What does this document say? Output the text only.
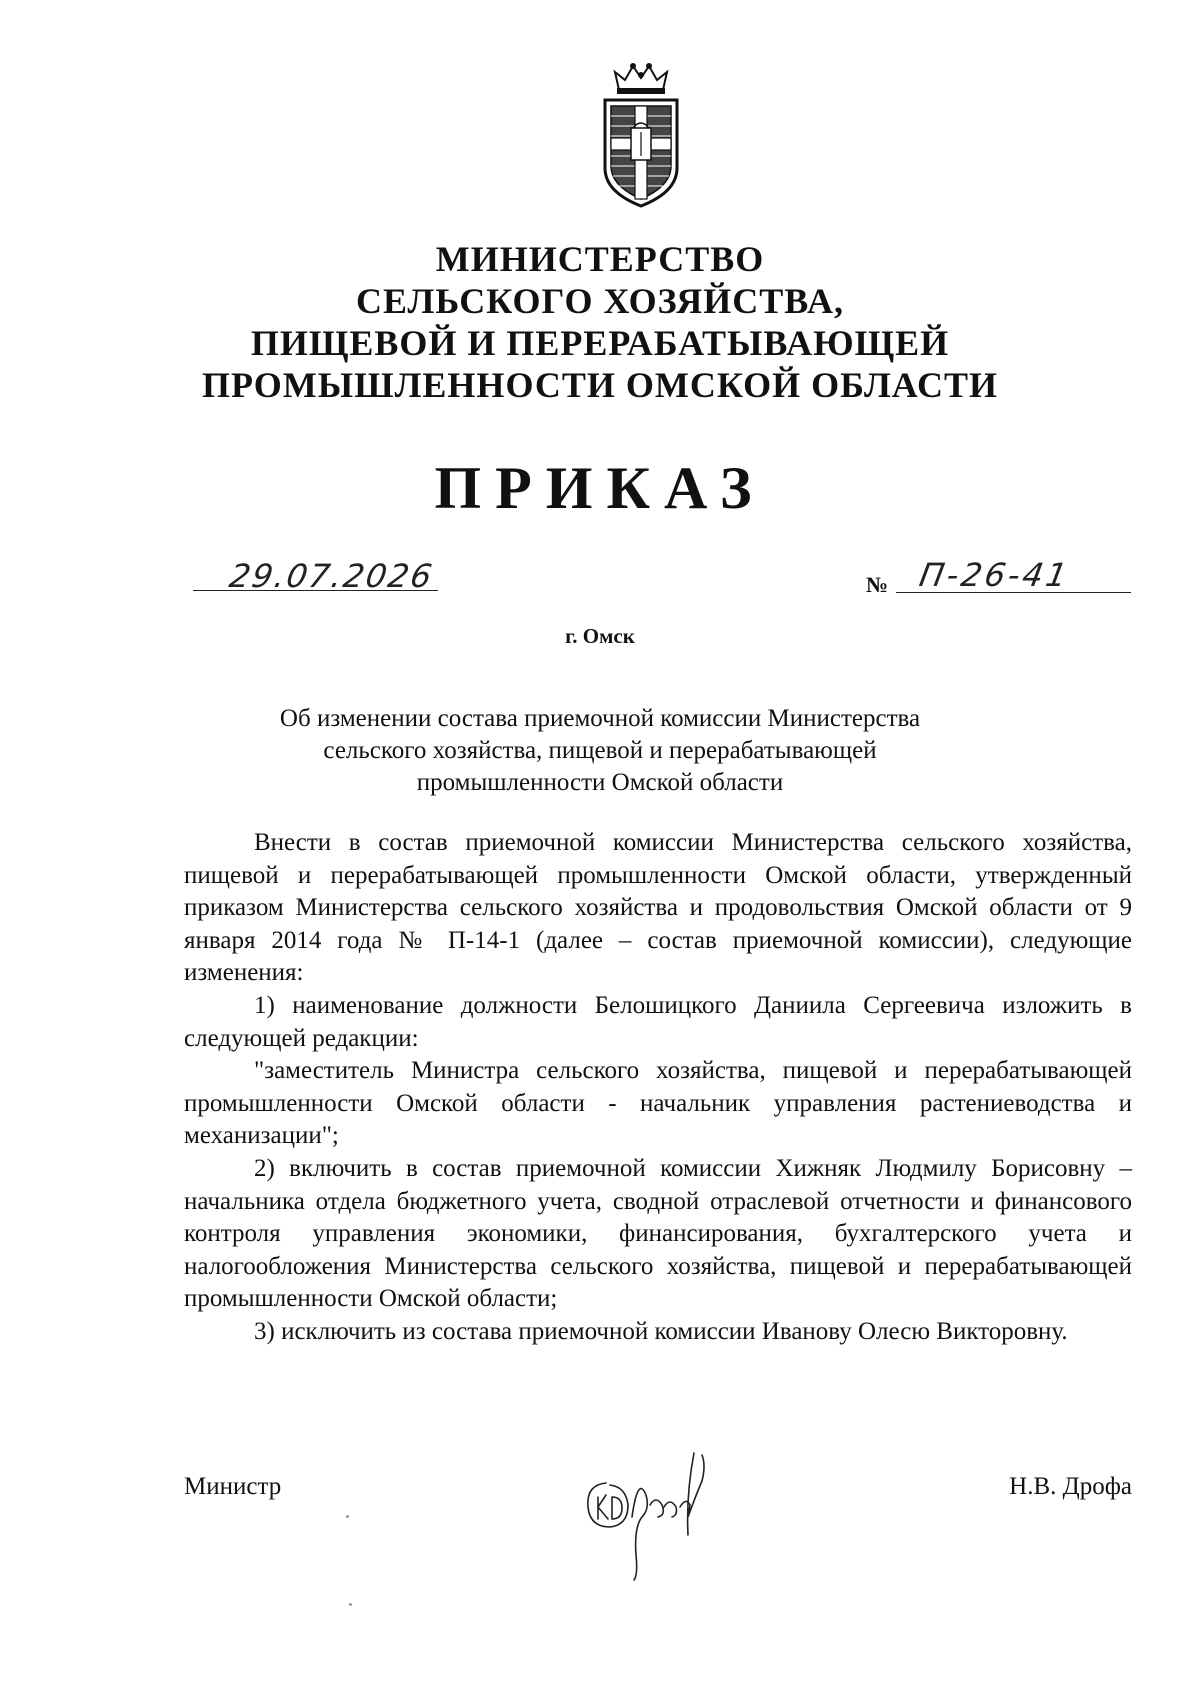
МИНИСТЕРСТВО
СЕЛЬСКОГО ХОЗЯЙСТВА,
ПИЩЕВОЙ И ПЕРЕРАБАТЫВАЮЩЕЙ
ПРОМЫШЛЕННОСТИ ОМСКОЙ ОБЛАСТИ
ПРИКАЗ
29.07.2026	№ П-26-41
г. Омск
Об изменении состава приемочной комиссии Министерства
сельского хозяйства, пищевой и перерабатывающей
промышленности Омской области

Внести в состав приемочной комиссии Министерства сельского хозяйства, пищевой и перерабатывающей промышленности Омской области, утвержденный приказом Министерства сельского хозяйства и продовольствия Омской области от 9 января 2014 года № П-14-1 (далее – состав приемочной комиссии), следующие изменения:

1) наименование должности Белошицкого Даниила Сергеевича изложить в следующей редакции:

"заместитель Министра сельского хозяйства, пищевой и перерабатывающей промышленности Омской области - начальник управления растениеводства и механизации";

2) включить в состав приемочной комиссии Хижняк Людмилу Борисовну – начальника отдела бюджетного учета, сводной отраслевой отчетности и финансового контроля управления экономики, финансирования, бухгалтерского учета и налогообложения Министерства сельского хозяйства, пищевой и перерабатывающей промышленности Омской области;

3) исключить из состава приемочной комиссии Иванову Олесю Викторовну.

Министр	Н.В. Дрофа
